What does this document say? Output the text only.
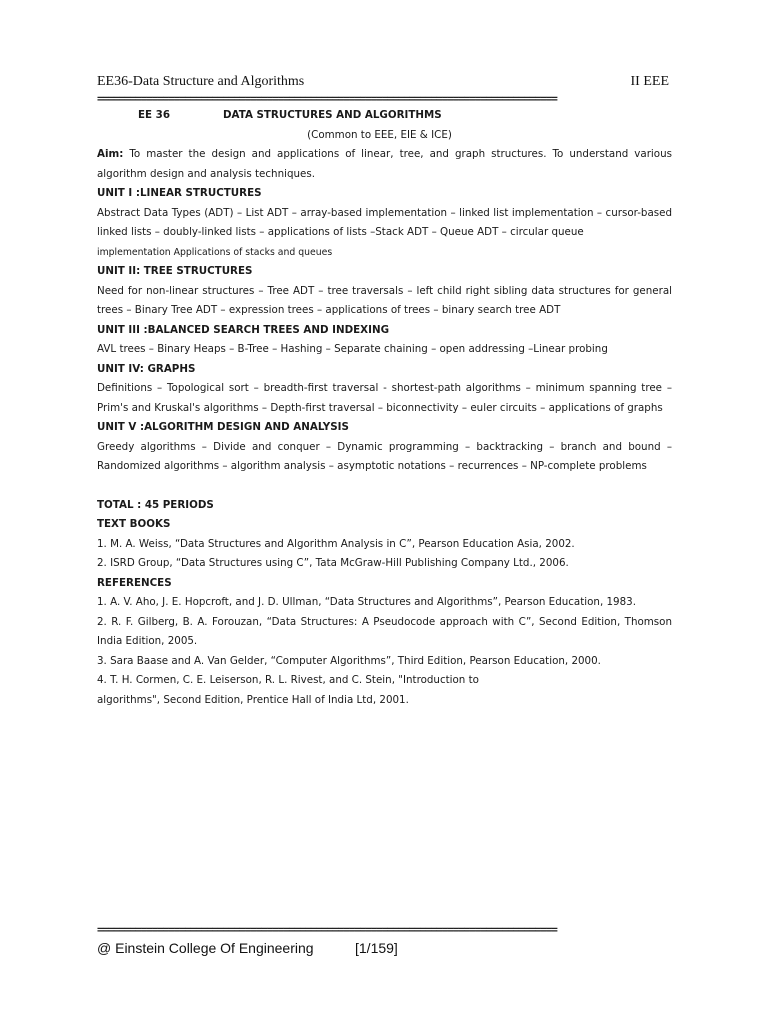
EE36-Data Structure and Algorithms	II EEE
====================================================================================
EE 36	DATA STRUCTURES AND ALGORITHMS

(Common to EEE, EIE & ICE)

Aim: To master the design and applications of linear, tree, and graph structures. To understand various algorithm design and analysis techniques.

UNIT I :LINEAR STRUCTURES

Abstract Data Types (ADT) – List ADT – array-based implementation – linked list implementation – cursor-based linked lists – doubly-linked lists – applications of lists –Stack ADT – Queue ADT – circular queue

implementation Applications of stacks and queues

UNIT II: TREE STRUCTURES

Need for non-linear structures – Tree ADT – tree traversals – left child right sibling data structures for general trees – Binary Tree ADT – expression trees – applications of trees – binary search tree ADT

UNIT III :BALANCED SEARCH TREES AND INDEXING

AVL trees – Binary Heaps – B-Tree – Hashing – Separate chaining – open addressing –Linear probing

UNIT IV: GRAPHS

Definitions – Topological sort – breadth-first traversal - shortest-path algorithms – minimum spanning tree – Prim's and Kruskal's algorithms – Depth-first traversal – biconnectivity – euler circuits – applications of graphs

UNIT V :ALGORITHM DESIGN AND ANALYSIS

Greedy algorithms – Divide and conquer – Dynamic programming – backtracking – branch and bound – Randomized algorithms – algorithm analysis – asymptotic notations – recurrences – NP-complete problems

TOTAL : 45 PERIODS

TEXT BOOKS

1. M. A. Weiss, “Data Structures and Algorithm Analysis in C”, Pearson Education Asia, 2002.

2. ISRD Group, “Data Structures using C”, Tata McGraw-Hill Publishing Company Ltd., 2006.

REFERENCES

1. A. V. Aho, J. E. Hopcroft, and J. D. Ullman, “Data Structures and Algorithms”, Pearson Education, 1983.

2. R. F. Gilberg, B. A. Forouzan, “Data Structures: A Pseudocode approach with C”, Second Edition, Thomson India Edition, 2005.

3. Sara Baase and A. Van Gelder, “Computer Algorithms”, Third Edition, Pearson Education, 2000.

4. T. H. Cormen, C. E. Leiserson, R. L. Rivest, and C. Stein, "Introduction to

algorithms", Second Edition, Prentice Hall of India Ltd, 2001.

====================================================================================
@ Einstein College Of Engineering	[1/159]
